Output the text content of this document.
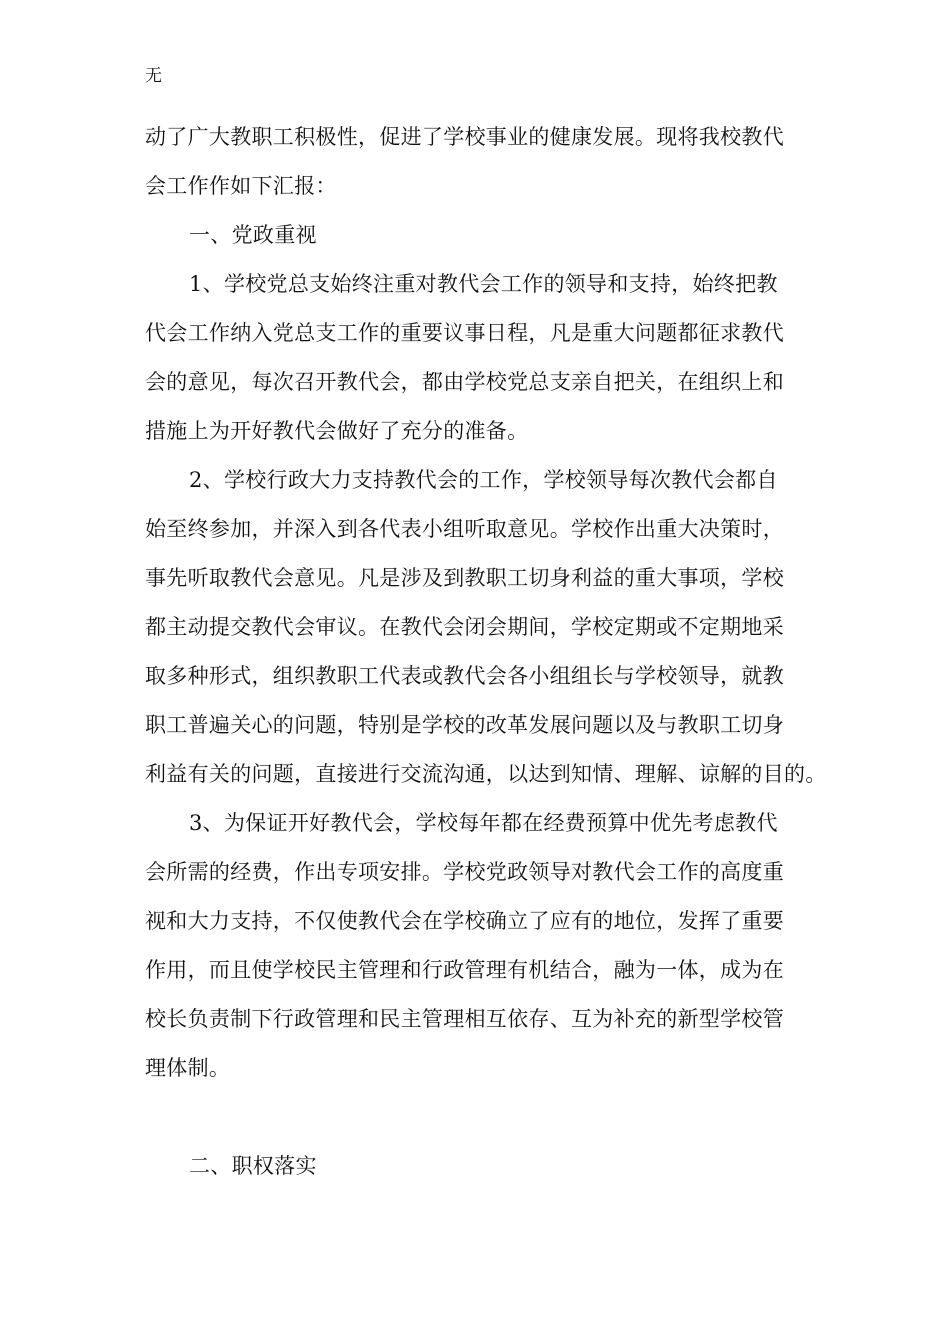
无
动了广大教职工积极性，促进了学校事业的健康发展。现将我校教代
会工作作如下汇报：
一、党政重视
1、学校党总支始终注重对教代会工作的领导和支持，始终把教
代会工作纳入党总支工作的重要议事日程，凡是重大问题都征求教代
会的意见，每次召开教代会，都由学校党总支亲自把关，在组织上和
措施上为开好教代会做好了充分的准备。
2、学校行政大力支持教代会的工作，学校领导每次教代会都自
始至终参加，并深入到各代表小组听取意见。学校作出重大决策时，
事先听取教代会意见。凡是涉及到教职工切身利益的重大事项，学校
都主动提交教代会审议。在教代会闭会期间，学校定期或不定期地采
取多种形式，组织教职工代表或教代会各小组组长与学校领导，就教
职工普遍关心的问题，特别是学校的改革发展问题以及与教职工切身
利益有关的问题，直接进行交流沟通，以达到知情、理解、谅解的目的。
3、为保证开好教代会，学校每年都在经费预算中优先考虑教代
会所需的经费，作出专项安排。学校党政领导对教代会工作的高度重
视和大力支持，不仅使教代会在学校确立了应有的地位，发挥了重要
作用，而且使学校民主管理和行政管理有机结合，融为一体，成为在
校长负责制下行政管理和民主管理相互依存、互为补充的新型学校管
理体制。
二、职权落实
